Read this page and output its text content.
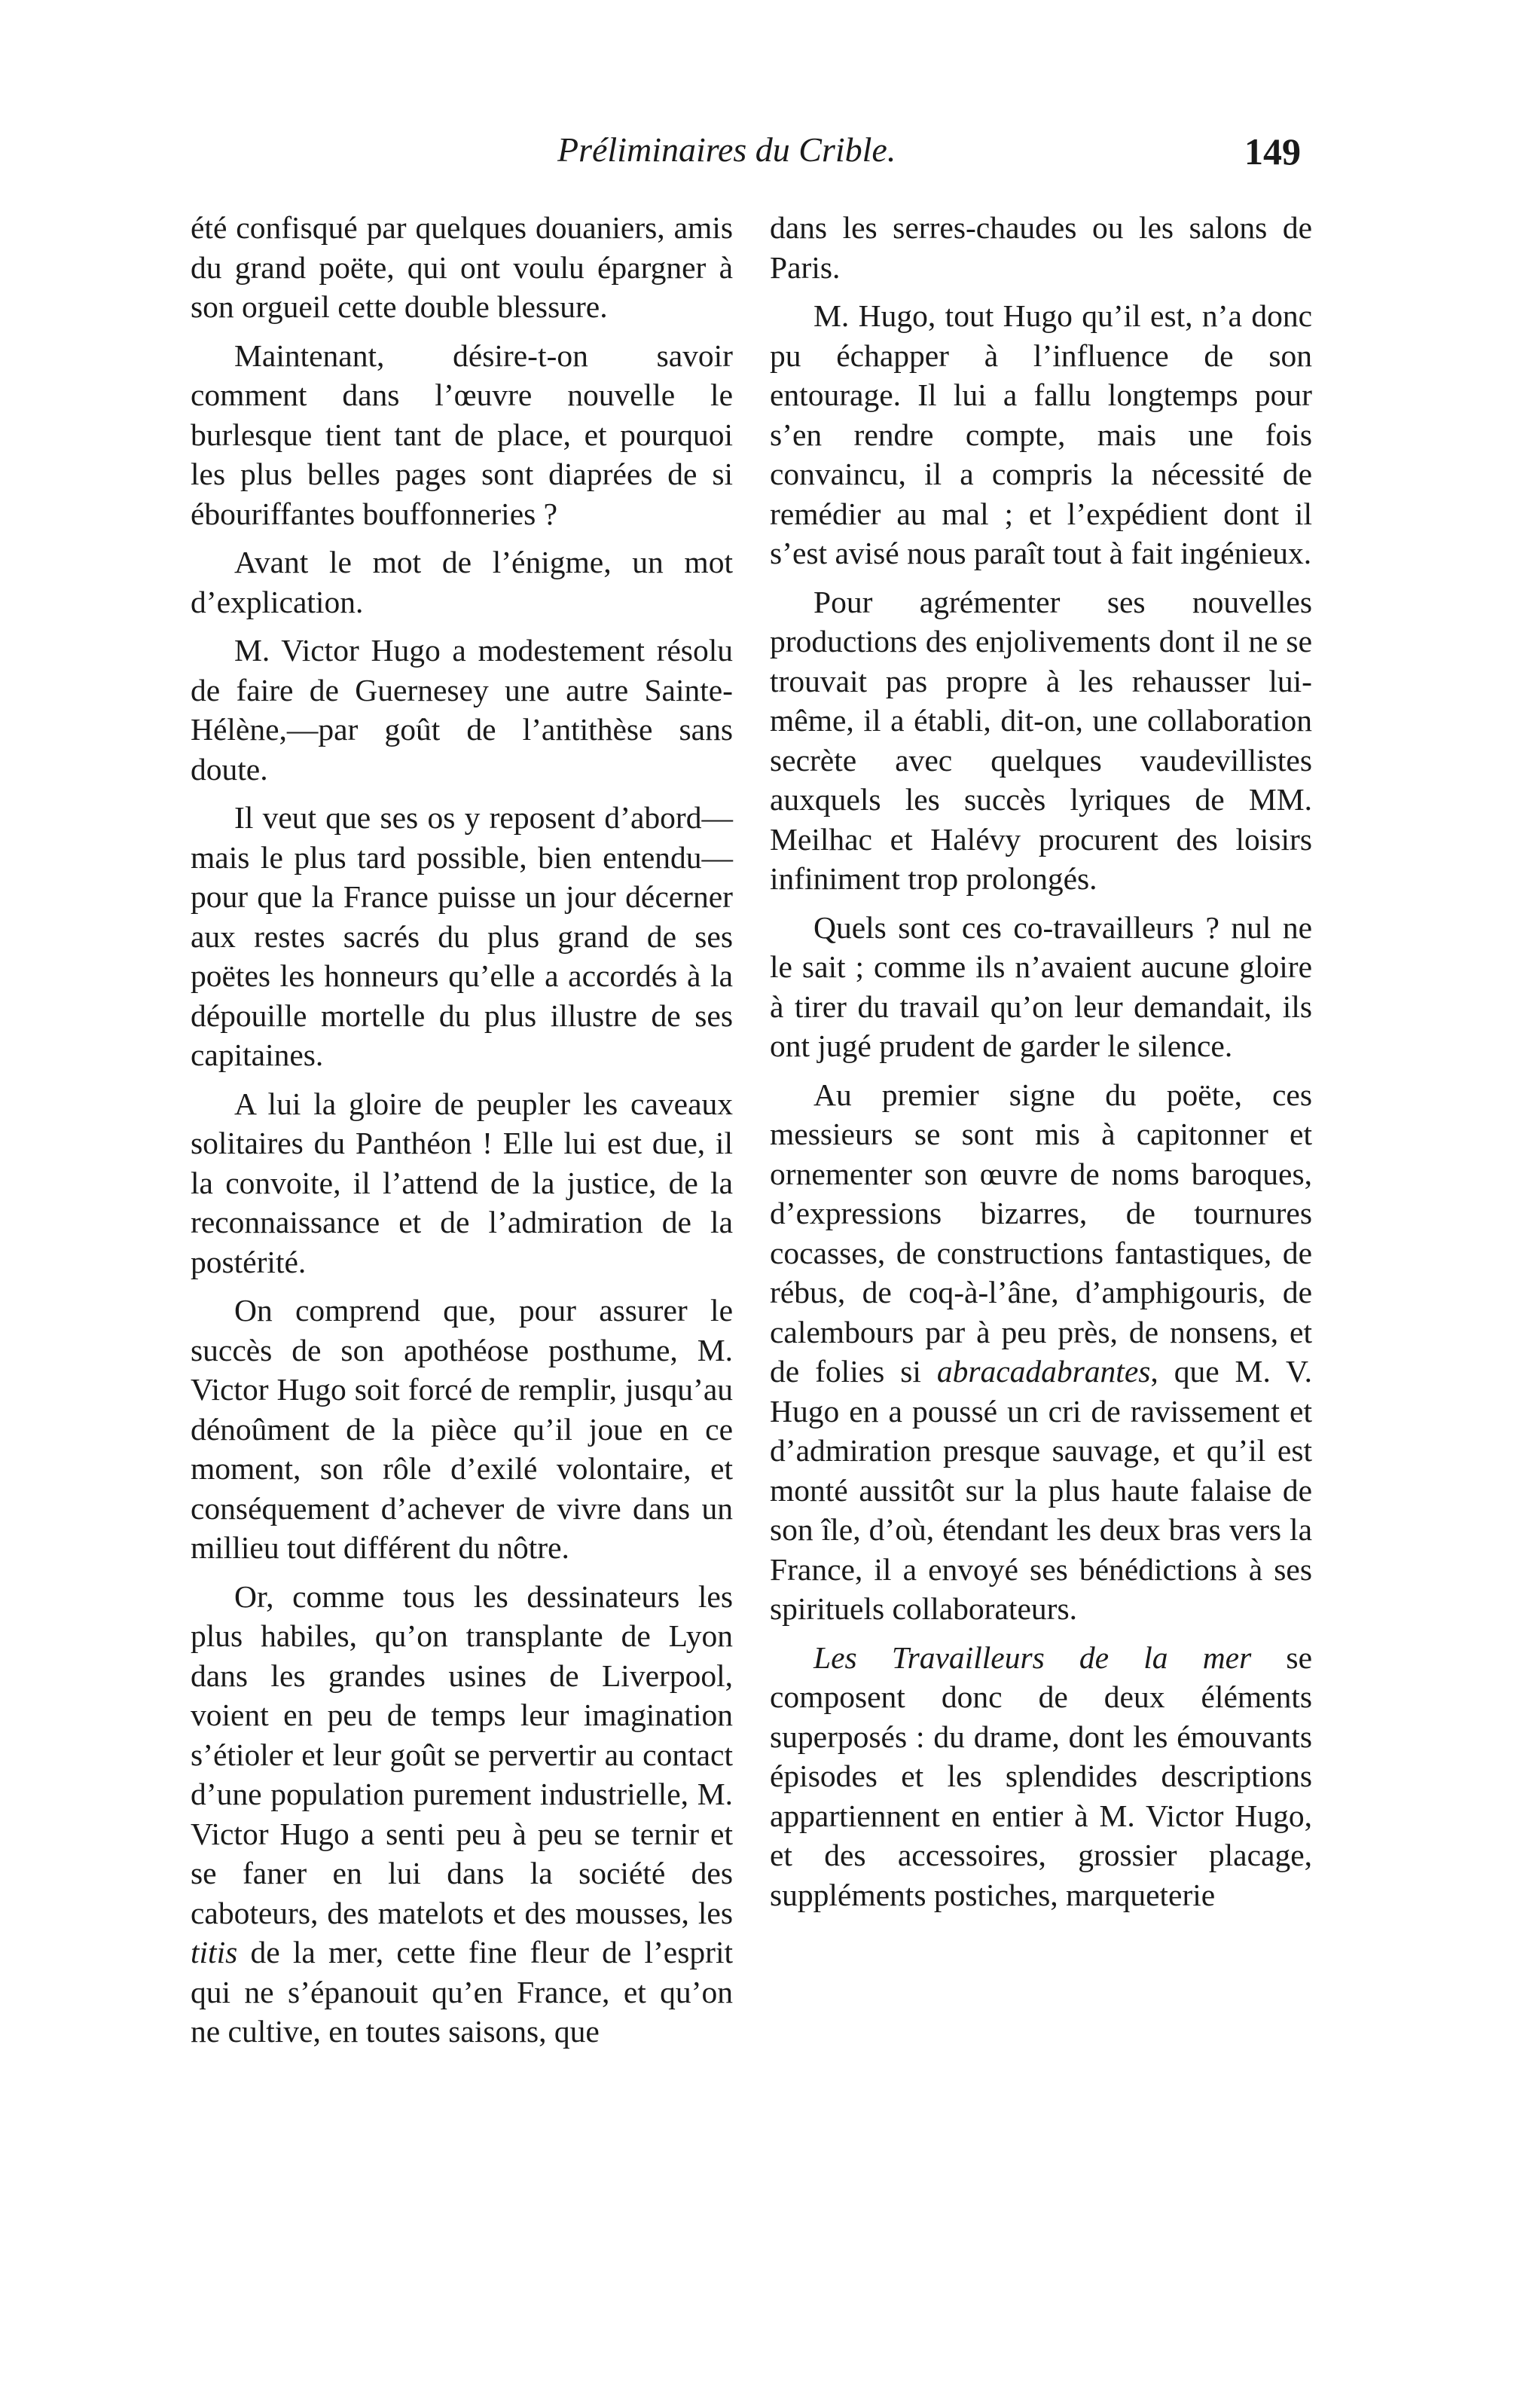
Préliminaires du Crible.	149

été confisqué par quelques douaniers, amis du grand poëte, qui ont voulu épargner à son orgueil cette double blessure.

Maintenant, désire-t-on savoir comment dans l’œuvre nouvelle le burlesque tient tant de place, et pourquoi les plus belles pages sont diaprées de si ébouriffantes bouffonneries ?

Avant le mot de l’énigme, un mot d’explication.

M. Victor Hugo a modestement résolu de faire de Guernesey une autre Sainte-Hélène,—par goût de l’antithèse sans doute.

Il veut que ses os y reposent d’abord—mais le plus tard possible, bien entendu—pour que la France puisse un jour décerner aux restes sacrés du plus grand de ses poëtes les honneurs qu’elle a accordés à la dépouille mortelle du plus illustre de ses capitaines.

A lui la gloire de peupler les caveaux solitaires du Panthéon ! Elle lui est due, il la convoite, il l’attend de la justice, de la reconnaissance et de l’admiration de la postérité.

On comprend que, pour assurer le succès de son apothéose posthume, M. Victor Hugo soit forcé de remplir, jusqu’au dénoûment de la pièce qu’il joue en ce moment, son rôle d’exilé volontaire, et conséquement d’achever de vivre dans un millieu tout différent du nôtre.

Or, comme tous les dessinateurs les plus habiles, qu’on transplante de Lyon dans les grandes usines de Liverpool, voient en peu de temps leur imagination s’étioler et leur goût se pervertir au contact d’une population purement industrielle, M. Victor Hugo a senti peu à peu se ternir et se faner en lui dans la société des caboteurs, des matelots et des mousses, les titis de la mer, cette fine fleur de l’esprit qui ne s’épanouit qu’en France, et qu’on ne cultive, en toutes saisons, que

dans les serres-chaudes ou les salons de Paris.

M. Hugo, tout Hugo qu’il est, n’a donc pu échapper à l’influence de son entourage. Il lui a fallu longtemps pour s’en rendre compte, mais une fois convaincu, il a compris la nécessité de remédier au mal ; et l’expédient dont il s’est avisé nous paraît tout à fait ingénieux.

Pour agrémenter ses nouvelles productions des enjolivements dont il ne se trouvait pas propre à les rehausser lui-même, il a établi, dit-on, une collaboration secrète avec quelques vaudevillistes auxquels les succès lyriques de MM. Meilhac et Halévy procurent des loisirs infiniment trop prolongés.

Quels sont ces co-travailleurs ? nul ne le sait ; comme ils n’avaient aucune gloire à tirer du travail qu’on leur demandait, ils ont jugé prudent de garder le silence.

Au premier signe du poëte, ces messieurs se sont mis à capitonner et ornementer son œuvre de noms baroques, d’expressions bizarres, de tournures cocasses, de constructions fantastiques, de rébus, de coq-à-l’âne, d’amphigouris, de calembours par à peu près, de nonsens, et de folies si abracadabrantes, que M. V. Hugo en a poussé un cri de ravissement et d’admiration presque sauvage, et qu’il est monté aussitôt sur la plus haute falaise de son île, d’où, étendant les deux bras vers la France, il a envoyé ses bénédictions à ses spirituels collaborateurs.

Les Travailleurs de la mer se composent donc de deux éléments superposés : du drame, dont les émouvants épisodes et les splendides descriptions appartiennent en entier à M. Victor Hugo, et des accessoires, grossier placage, suppléments postiches, marqueterie
